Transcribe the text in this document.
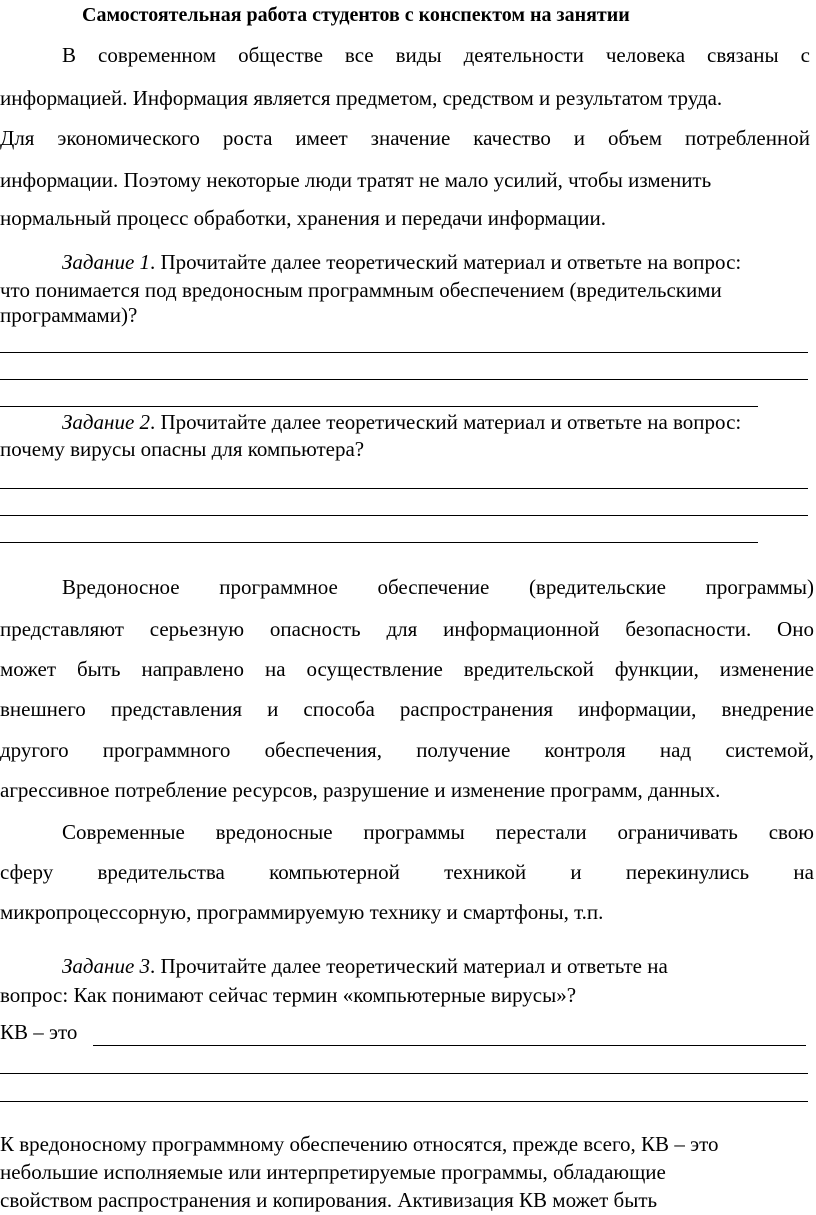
Самостоятельная работа студентов с конспектом на занятии
В современном обществе все виды деятельности человека связаны с
информацией. Информация является предметом, средством и результатом труда.
Для экономического роста имеет значение качество и объем потребленной
информации. Поэтому некоторые люди тратят не мало усилий, чтобы изменить
нормальный процесс обработки, хранения и передачи информации.
Задание 1. Прочитайте далее теоретический материал и ответьте на вопрос:
что понимается под вредоносным программным обеспечением (вредительскими
программами)?
Задание 2. Прочитайте далее теоретический материал и ответьте на вопрос:
почему вирусы опасны для компьютера?
Вредоносное программное обеспечение (вредительские программы)
представляют серьезную опасность для информационной безопасности. Оно
может быть направлено на осуществление вредительской функции, изменение
внешнего представления и способа распространения информации, внедрение
другого программного обеспечения, получение контроля над системой,
агрессивное потребление ресурсов, разрушение и изменение программ, данных.
Современные вредоносные программы перестали ограничивать свою
сферу вредительства компьютерной техникой и перекинулись на
микропроцессорную, программируемую технику и смартфоны, т.п.
Задание 3. Прочитайте далее теоретический материал и ответьте на
вопрос: Как понимают сейчас термин «компьютерные вирусы»?
КВ – это
К вредоносному программному обеспечению относятся, прежде всего, КВ – это
небольшие исполняемые или интерпретируемые программы, обладающие
свойством распространения и копирования. Активизация КВ может быть
